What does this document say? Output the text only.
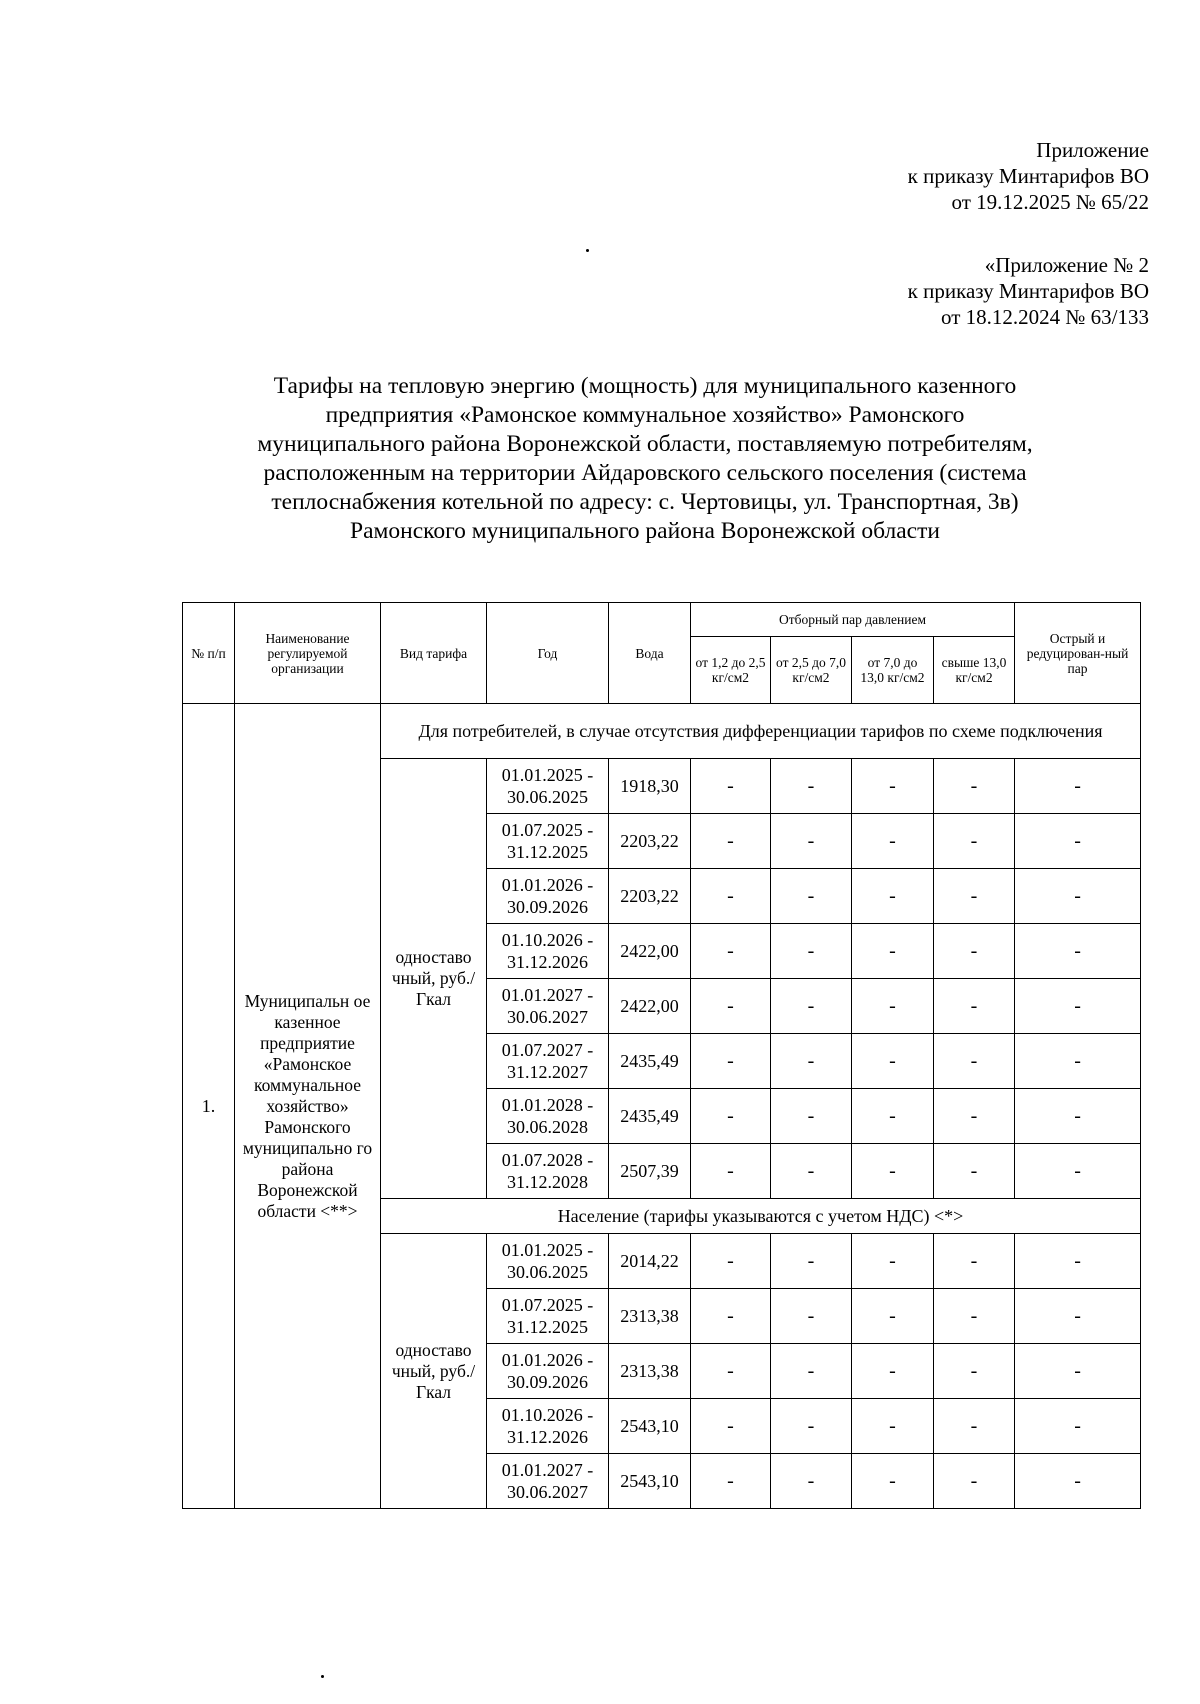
Приложение
к приказу Минтарифов ВО
от 19.12.2025 № 65/22
«Приложение № 2
к приказу Минтарифов ВО
от 18.12.2024 № 63/133
Тарифы на тепловую энергию (мощность) для муниципального казенного
предприятия «Рамонское коммунальное хозяйство» Рамонского
муниципального района Воронежской области, поставляемую потребителям,
расположенным на территории Айдаровского сельского поселения (система
теплоснабжения котельной по адресу: с. Чертовицы, ул. Транспортная, 3в)
Рамонского муниципального района Воронежской области
№ п/п	Наименование регулируемой организации	Вид тарифа	Год	Вода	Отборный пар давлением				Острый и редуцирован-ный пар
					от 1,2 до 2,5 кг/см2	от 2,5 до 7,0 кг/см2	от 7,0 до 13,0 кг/см2	свыше 13,0 кг/см2	
1.	Муниципальн ое казенное предприятие «Рамонское коммунальное хозяйство» Рамонского муниципально го района Воронежской области <**>	Для потребителей, в случае отсутствия дифференциации тарифов по схеме подключения							
		одноставо чный, руб./Гкал	01.01.2025 - 30.06.2025	1918,30	-	-	-	-	-
			01.07.2025 - 31.12.2025	2203,22	-	-	-	-	-
			01.01.2026 - 30.09.2026	2203,22	-	-	-	-	-
			01.10.2026 - 31.12.2026	2422,00	-	-	-	-	-
			01.01.2027 - 30.06.2027	2422,00	-	-	-	-	-
			01.07.2027 - 31.12.2027	2435,49	-	-	-	-	-
			01.01.2028 - 30.06.2028	2435,49	-	-	-	-	-
			01.07.2028 - 31.12.2028	2507,39	-	-	-	-	-
		Население (тарифы указываются с учетом НДС) <*>							
		одноставо чный, руб./Гкал	01.01.2025 - 30.06.2025	2014,22	-	-	-	-	-
			01.07.2025 - 31.12.2025	2313,38	-	-	-	-	-
			01.01.2026 - 30.09.2026	2313,38	-	-	-	-	-
			01.10.2026 - 31.12.2026	2543,10	-	-	-	-	-
			01.01.2027 - 30.06.2027	2543,10	-	-	-	-	-
